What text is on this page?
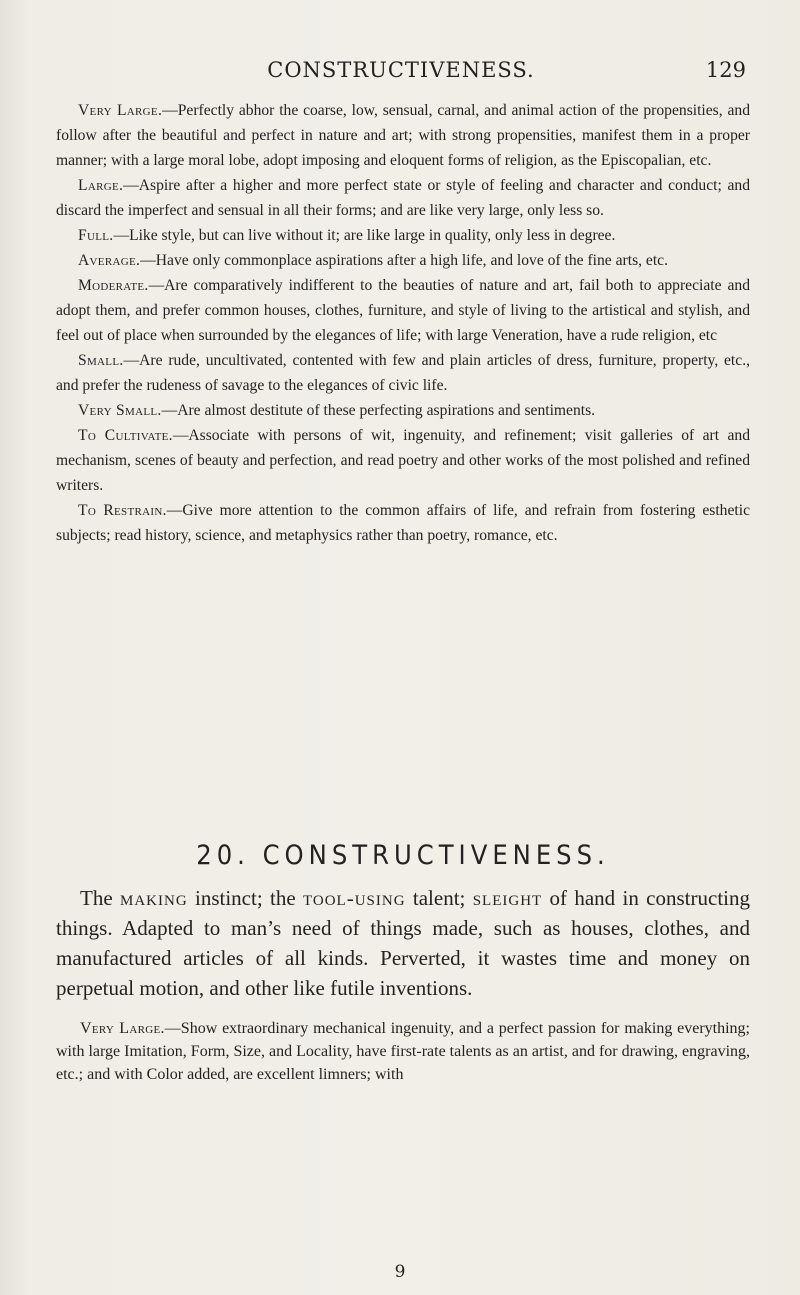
CONSTRUCTIVENESS.	129

Very Large.—Perfectly abhor the coarse, low, sensual, carnal, and animal action of the propensities, and follow after the beautiful and perfect in nature and art; with strong propensities, manifest them in a proper manner; with a large moral lobe, adopt imposing and eloquent forms of religion, as the Episcopalian, etc.

Large.—Aspire after a higher and more perfect state or style of feeling and character and conduct; and discard the imperfect and sensual in all their forms; and are like very large, only less so.

Full.—Like style, but can live without it; are like large in quality, only less in degree.

Average.—Have only commonplace aspirations after a high life, and love of the fine arts, etc.

Moderate.—Are comparatively indifferent to the beauties of nature and art, fail both to appreciate and adopt them, and prefer common houses, clothes, furniture, and style of living to the artistical and stylish, and feel out of place when surrounded by the elegances of life; with large Veneration, have a rude religion, etc

Small.—Are rude, uncultivated, contented with few and plain articles of dress, furniture, property, etc., and prefer the rudeness of savage to the elegances of civic life.

Very Small.—Are almost destitute of these perfecting aspirations and sentiments.

To Cultivate.—Associate with persons of wit, ingenuity, and refinement; visit galleries of art and mechanism, scenes of beauty and perfection, and read poetry and other works of the most polished and refined writers.

To Restrain.—Give more attention to the common affairs of life, and refrain from fostering esthetic subjects; read history, science, and metaphysics rather than poetry, romance, etc.

20. CONSTRUCTIVENESS.

The making instinct; the tool-using talent; sleight of hand in constructing things. Adapted to man’s need of things made, such as houses, clothes, and manufactured articles of all kinds. Perverted, it wastes time and money on perpetual motion, and other like futile inventions.

Very Large.—Show extraordinary mechanical ingenuity, and a perfect passion for making everything; with large Imitation, Form, Size, and Locality, have first-rate talents as an artist, and for drawing, engraving, etc.; and with Color added, are excellent limners; with

9
